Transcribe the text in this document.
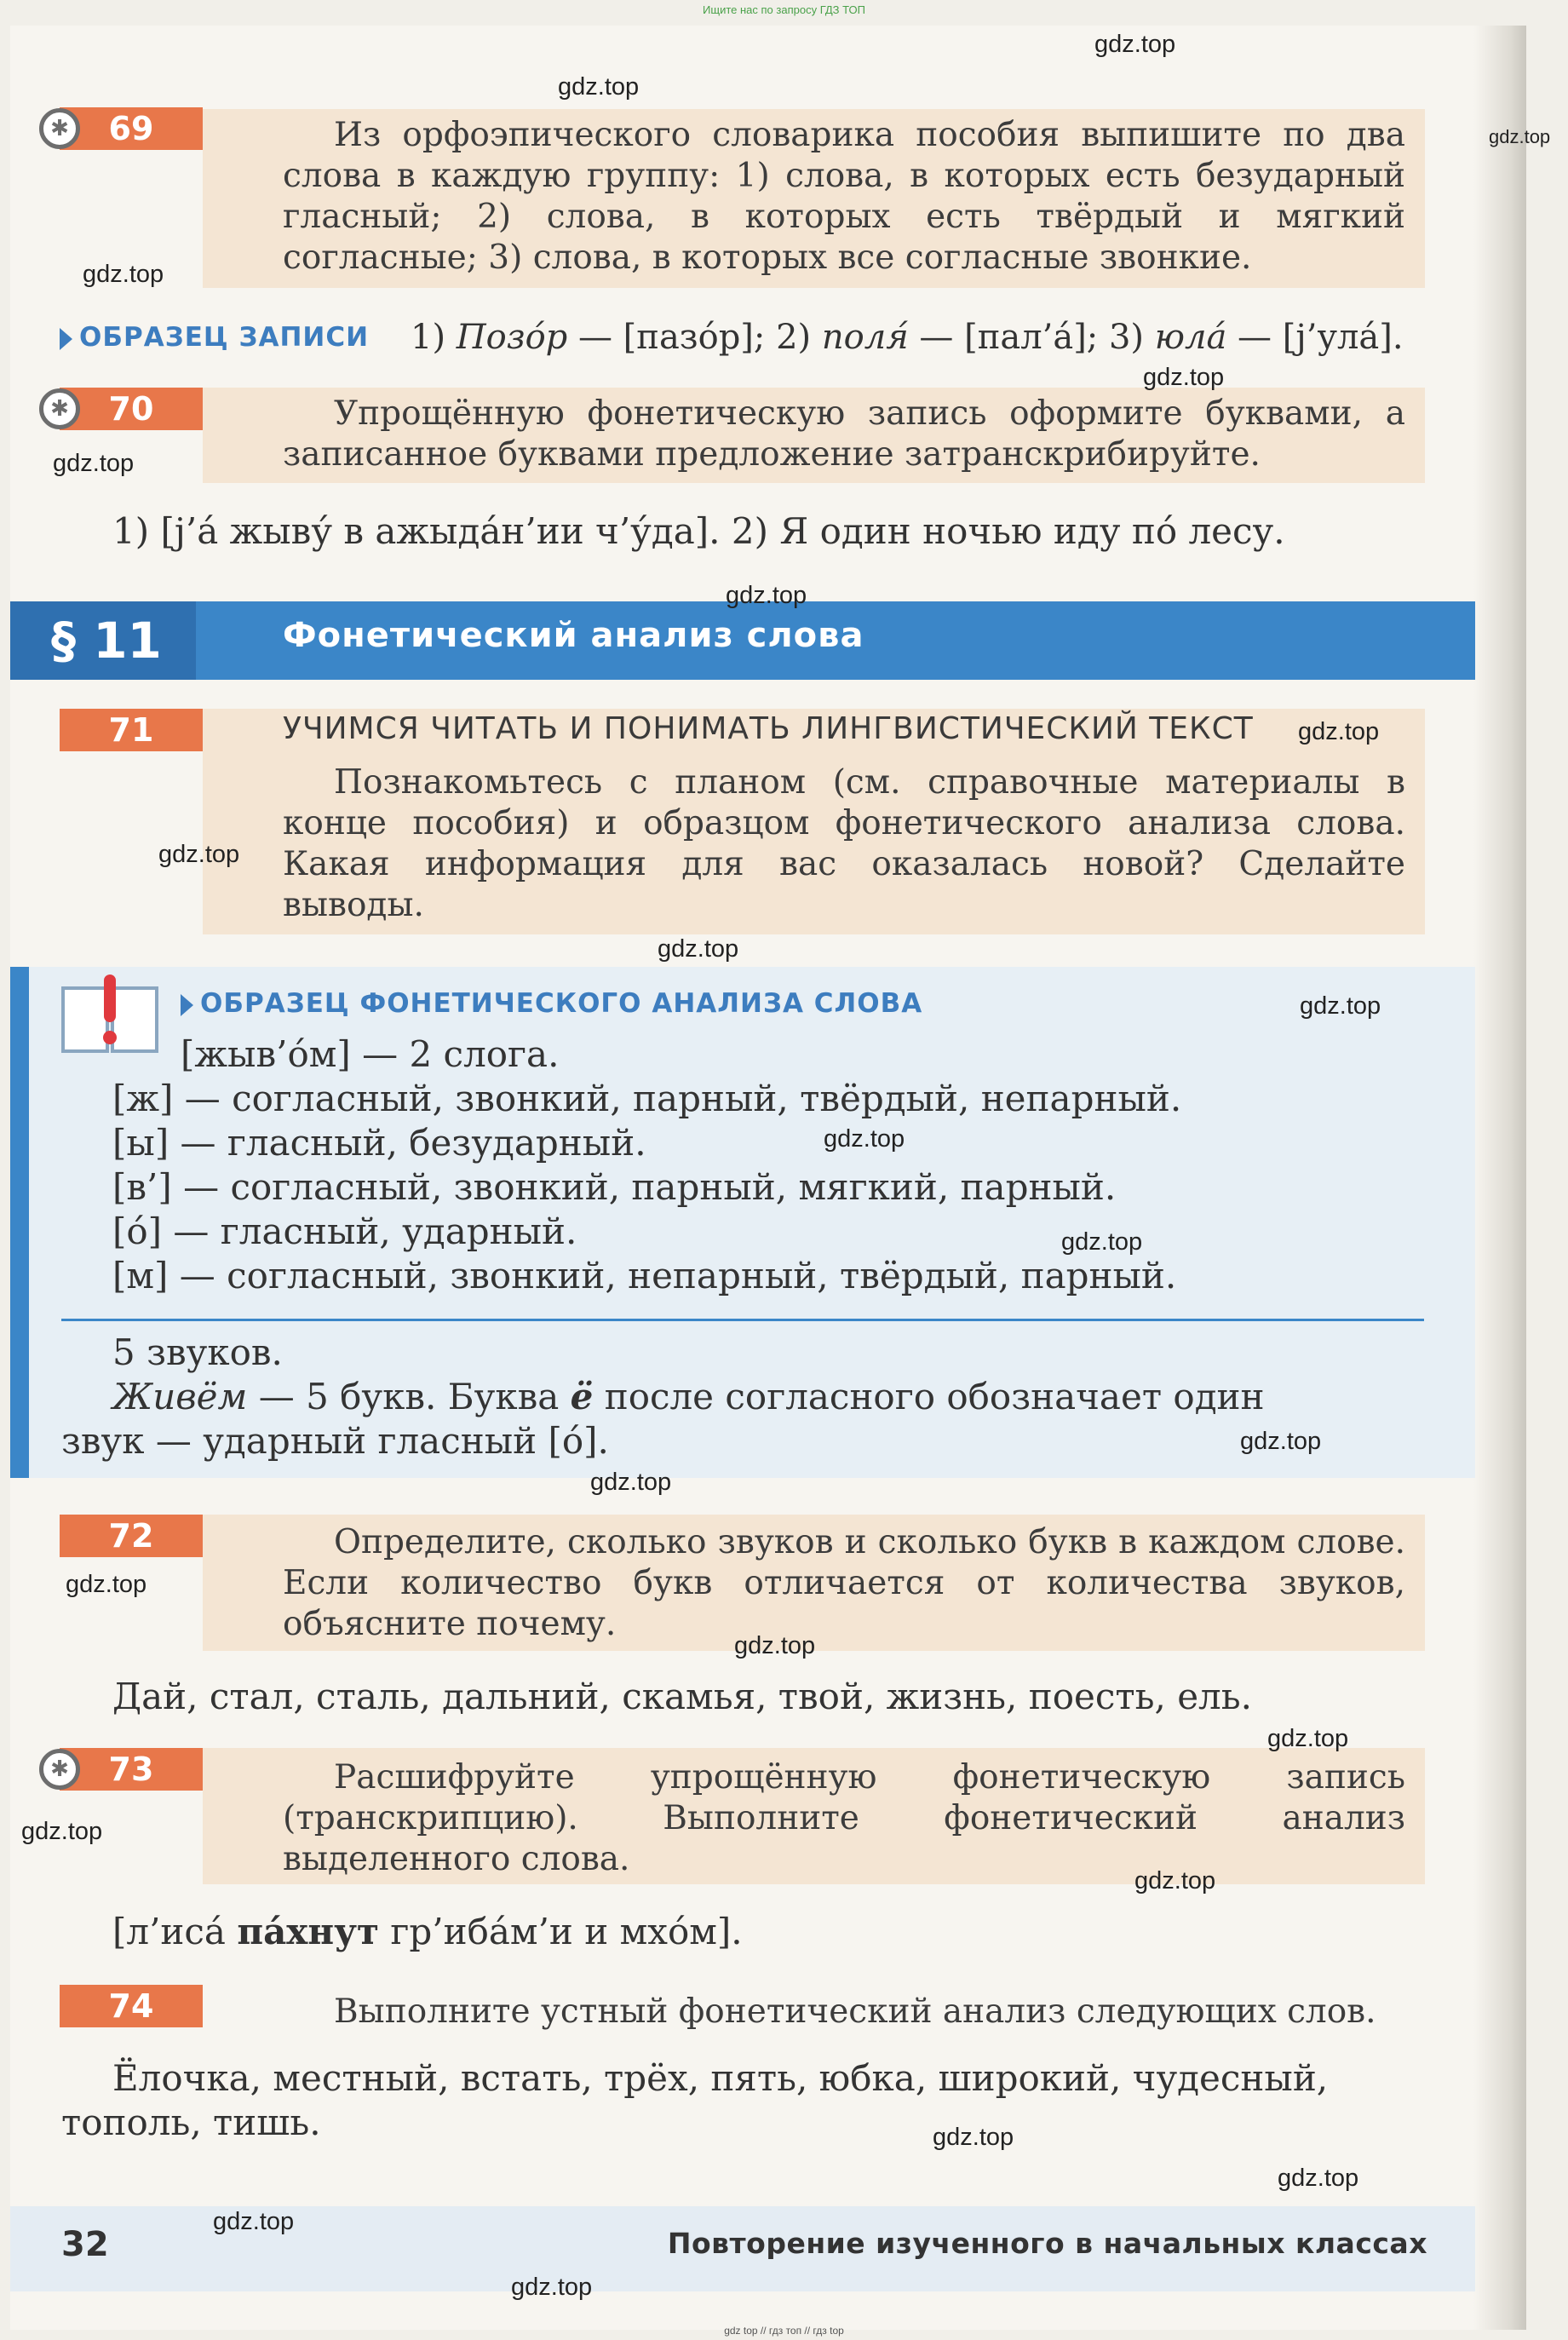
Ищите нас по запросу ГДЗ ТОП
69
✱	Из орфоэпического словарика пособия выпишите по два слова в каждую группу: 1) слова, в которых есть безударный гласный; 2) слова, в которых есть твёрдый и мягкий согласные; 3) слова, в которых все согласные звонкие.
ОБРАЗЕЦ ЗАПИСИ 1) Позо́р — [пазо́р]; 2) поля́ — [пал’а́]; 3) юла́ — [j’ула́].
70
✱	Упрощённую фонетическую запись оформите буквами, а записанное буквами предложение затранскрибируйте.
1) [j’а́ жыву́ в ажыда́н’ии ч’у́да]. 2) Я один ночью иду по́ лесу.
§ 11	Фонетический анализ слова
71	УЧИМСЯ ЧИТАТЬ И ПОНИМАТЬ ЛИНГВИСТИЧЕСКИЙ ТЕКСТ
Познакомьтесь с планом (см. справочные материалы в конце пособия) и образцом фонетического анализа слова. Какая информация для вас оказалась новой? Сделайте выводы.
ОБРАЗЕЦ ФОНЕТИЧЕСКОГО АНАЛИЗА СЛОВА
[жыв’о́м] — 2 слога.
[ж] — согласный, звонкий, парный, твёрдый, непарный.
[ы] — гласный, безударный.
[в’] — согласный, звонкий, парный, мягкий, парный.
[о́] — гласный, ударный.
[м] — согласный, звонкий, непарный, твёрдый, парный.
5 звуков.
Живём — 5 букв. Буква ё после согласного обозначает один
звук — ударный гласный [о́].
72	Определите, сколько звуков и сколько букв в каждом слове. Если количество букв отличается от количества звуков, объясните почему.
Дай, стал, сталь, дальний, скамья, твой, жизнь, поесть, ель.
73
✱	Расшифруйте упрощённую фонетическую запись (транскрипцию). Выполните фонетический анализ выделенного слова.
[л’иса́ па́хнут гр’иба́м’и и мхо́м].
74	Выполните устный фонетический анализ следующих слов.
Ёлочка, местный, встать, трёх, пять, юбка, широкий, чудесный,
тополь, тишь.
32	Повторение изученного в начальных классах
gdz top // гдз топ // гдз top
gdz.top
gdz.top
gdz.top
gdz.top
gdz.top
gdz.top
gdz.top
gdz.top
gdz.top
gdz.top
gdz.top
gdz.top
gdz.top
gdz.top
gdz.top
gdz.top
gdz.top
gdz.top
gdz.top
gdz.top
gdz.top
gdz.top
gdz.top
gdz.top
